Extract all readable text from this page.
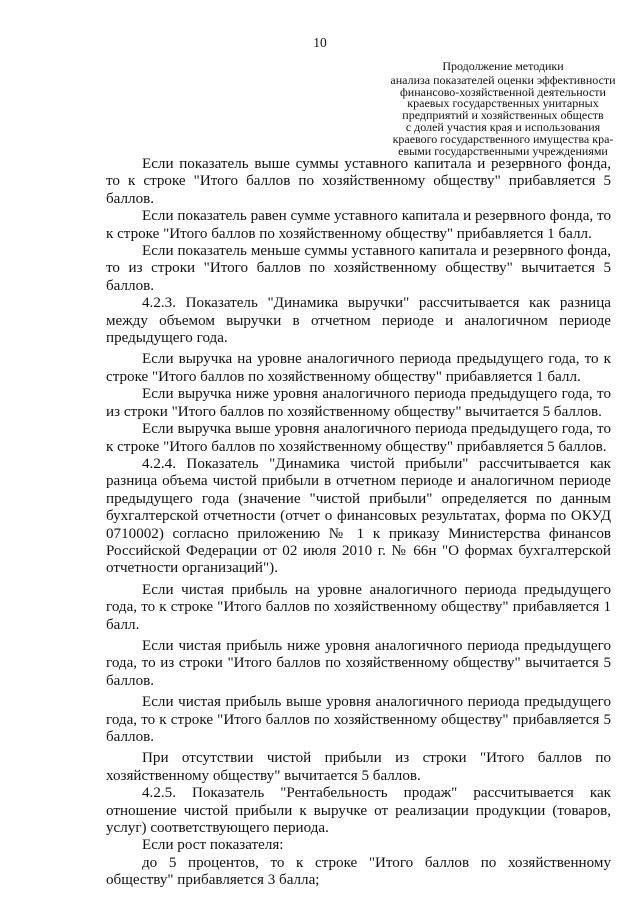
10
Продолжение методики
анализа показателей оценки эффективности
финансово-хозяйственной деятельности
краевых государственных унитарных
предприятий и хозяйственных обществ
с долей участия края и использования
краевого государственного имущества кра-
евыми государственными учреждениями

Если показатель выше суммы уставного капитала и резервного фонда, то к строке "Итого баллов по хозяйственному обществу" прибавляется 5 баллов.

Если показатель равен сумме уставного капитала и резервного фонда, то к строке "Итого баллов по хозяйственному обществу" прибавляется 1 балл.

Если показатель меньше суммы уставного капитала и резервного фонда, то из строки "Итого баллов по хозяйственному обществу" вычитается 5 баллов.

4.2.3. Показатель "Динамика выручки" рассчитывается как разница между объемом выручки в отчетном периоде и аналогичном периоде предыдущего года.

Если выручка на уровне аналогичного периода предыдущего года, то к строке "Итого баллов по хозяйственному обществу" прибавляется 1 балл.

Если выручка ниже уровня аналогичного периода предыдущего года, то из строки "Итого баллов по хозяйственному обществу" вычитается 5 баллов.

Если выручка выше уровня аналогичного периода предыдущего года, то к строке "Итого баллов по хозяйственному обществу" прибавляется 5 баллов.

4.2.4. Показатель "Динамика чистой прибыли" рассчитывается как разница объема чистой прибыли в отчетном периоде и аналогичном периоде предыдущего года (значение "чистой прибыли" определяется по данным бухгалтерской отчетности (отчет о финансовых результатах, форма по ОКУД 0710002) согласно приложению № 1 к приказу Министерства финансов Российской Федерации от 02 июля 2010 г. № 66н "О формах бухгалтерской отчетности организаций").

Если чистая прибыль на уровне аналогичного периода предыдущего года, то к строке "Итого баллов по хозяйственному обществу" прибавляется 1 балл.

Если чистая прибыль ниже уровня аналогичного периода предыдущего года, то из строки "Итого баллов по хозяйственному обществу" вычитается 5 баллов.

Если чистая прибыль выше уровня аналогичного периода предыдущего года, то к строке "Итого баллов по хозяйственному обществу" прибавляется 5 баллов.

При отсутствии чистой прибыли из строки "Итого баллов по хозяйственному обществу" вычитается 5 баллов.

4.2.5. Показатель "Рентабельность продаж" рассчитывается как отношение чистой прибыли к выручке от реализации продукции (товаров, услуг) соответствующего периода.

Если рост показателя:

до 5 процентов, то к строке "Итого баллов по хозяйственному обществу" прибавляется 3 балла;
